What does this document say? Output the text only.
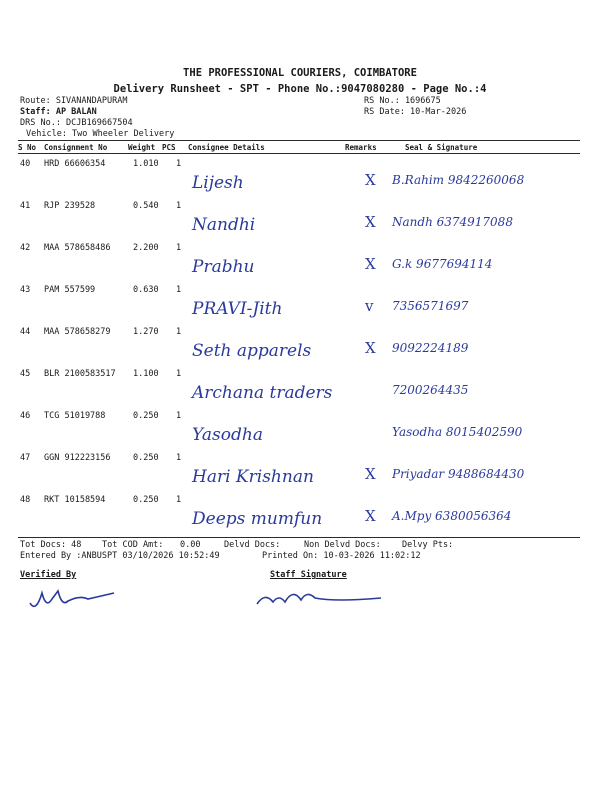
THE PROFESSIONAL COURIERS, COIMBATORE
Delivery Runsheet - SPT - Phone No.:9047080280 - Page No.:4
Route: SIVANANDAPURAM
Staff: AP BALAN
DRS No.: DCJB169667504
Vehicle: Two Wheeler Delivery
RS No.: 1696675
RS Date: 10-Mar-2026
S No Consignment No	Weight PCS Consignee Details	Remarks	Seal & Signature
40 HRD 66606354	1.010 1
Lijesh	X B.Rahim 9842260068
41 RJP 239528	0.540 1
Nandhi	X Nandh 6374917088
42 MAA 578658486	2.200 1
Prabhu	X G.k 9677694114
43 PAM 557599	0.630 1
PRAVI-Jith	v 7356571697
44 MAA 578658279	1.270 1
Seth apparels	X 9092224189
45 BLR 2100583517 1.100 1
Archana traders	7200264435
46 TCG 51019788	0.250 1
Yasodha	Yasodha 8015402590
47 GGN 912223156	0.250 1
Hari Krishnan	X Priyadar 9488684430
48 RKT 10158594	0.250 1
Deeps mumfun	X A.Mpy 6380056364
Tot Docs: 48 Tot COD Amt: 0.00	Delvd Docs:	Non Delvd Docs: Delvy Pts:
Entered By :ANBUSPT 03/10/2026 10:52:49	Printed On: 10-03-2026 11:02:12
Verified By	Staff Signature
